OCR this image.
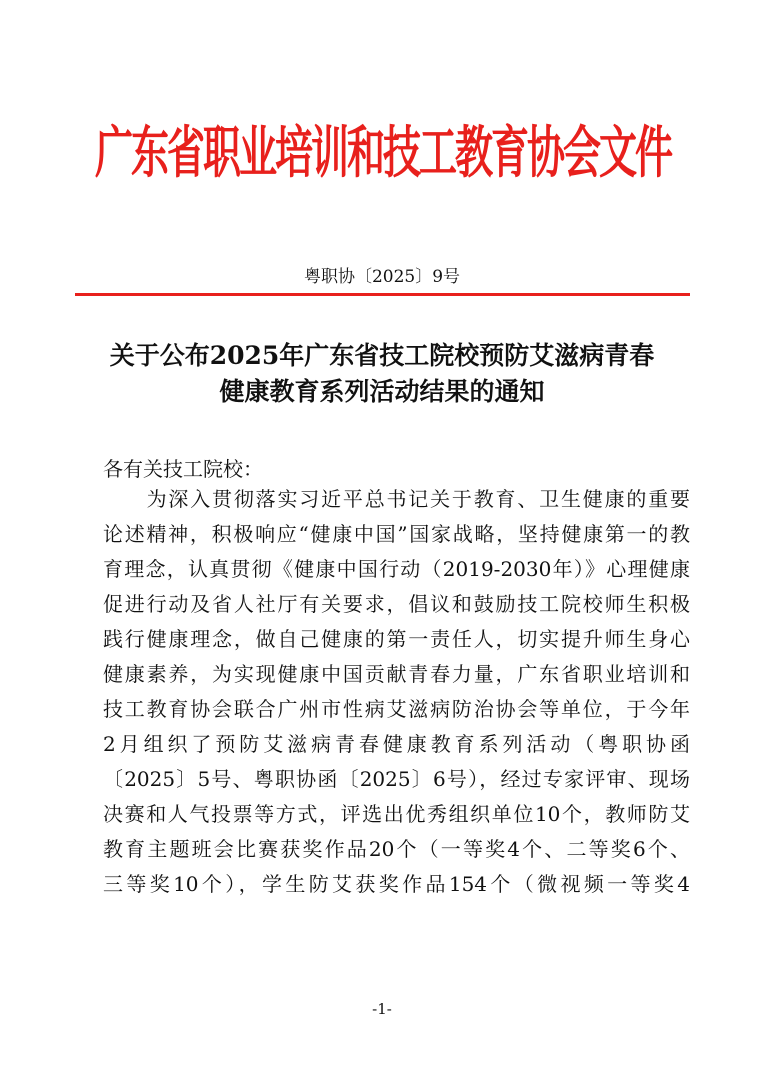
广东省职业培训和技工教育协会文件
粤职协〔2025〕9号
关于公布2025年广东省技工院校预防艾滋病青春
健康教育系列活动结果的通知
各有关技工院校：
　　为深入贯彻落实习近平总书记关于教育、卫生健康的重要
论述精神，积极响应“健康中国”国家战略，坚持健康第一的教
育理念，认真贯彻《健康中国行动（2019-2030年）》心理健康
促进行动及省人社厅有关要求，倡议和鼓励技工院校师生积极
践行健康理念，做自己健康的第一责任人，切实提升师生身心
健康素养，为实现健康中国贡献青春力量，广东省职业培训和
技工教育协会联合广州市性病艾滋病防治协会等单位，于今年
2月组织了预防艾滋病青春健康教育系列活动（粤职协函
〔2025〕5号、粤职协函〔2025〕6号），经过专家评审、现场
决赛和人气投票等方式，评选出优秀组织单位10个，教师防艾
教育主题班会比赛获奖作品20个（一等奖4个、二等奖6个、
三等奖10个），学生防艾获奖作品154个（微视频一等奖4
-1-
